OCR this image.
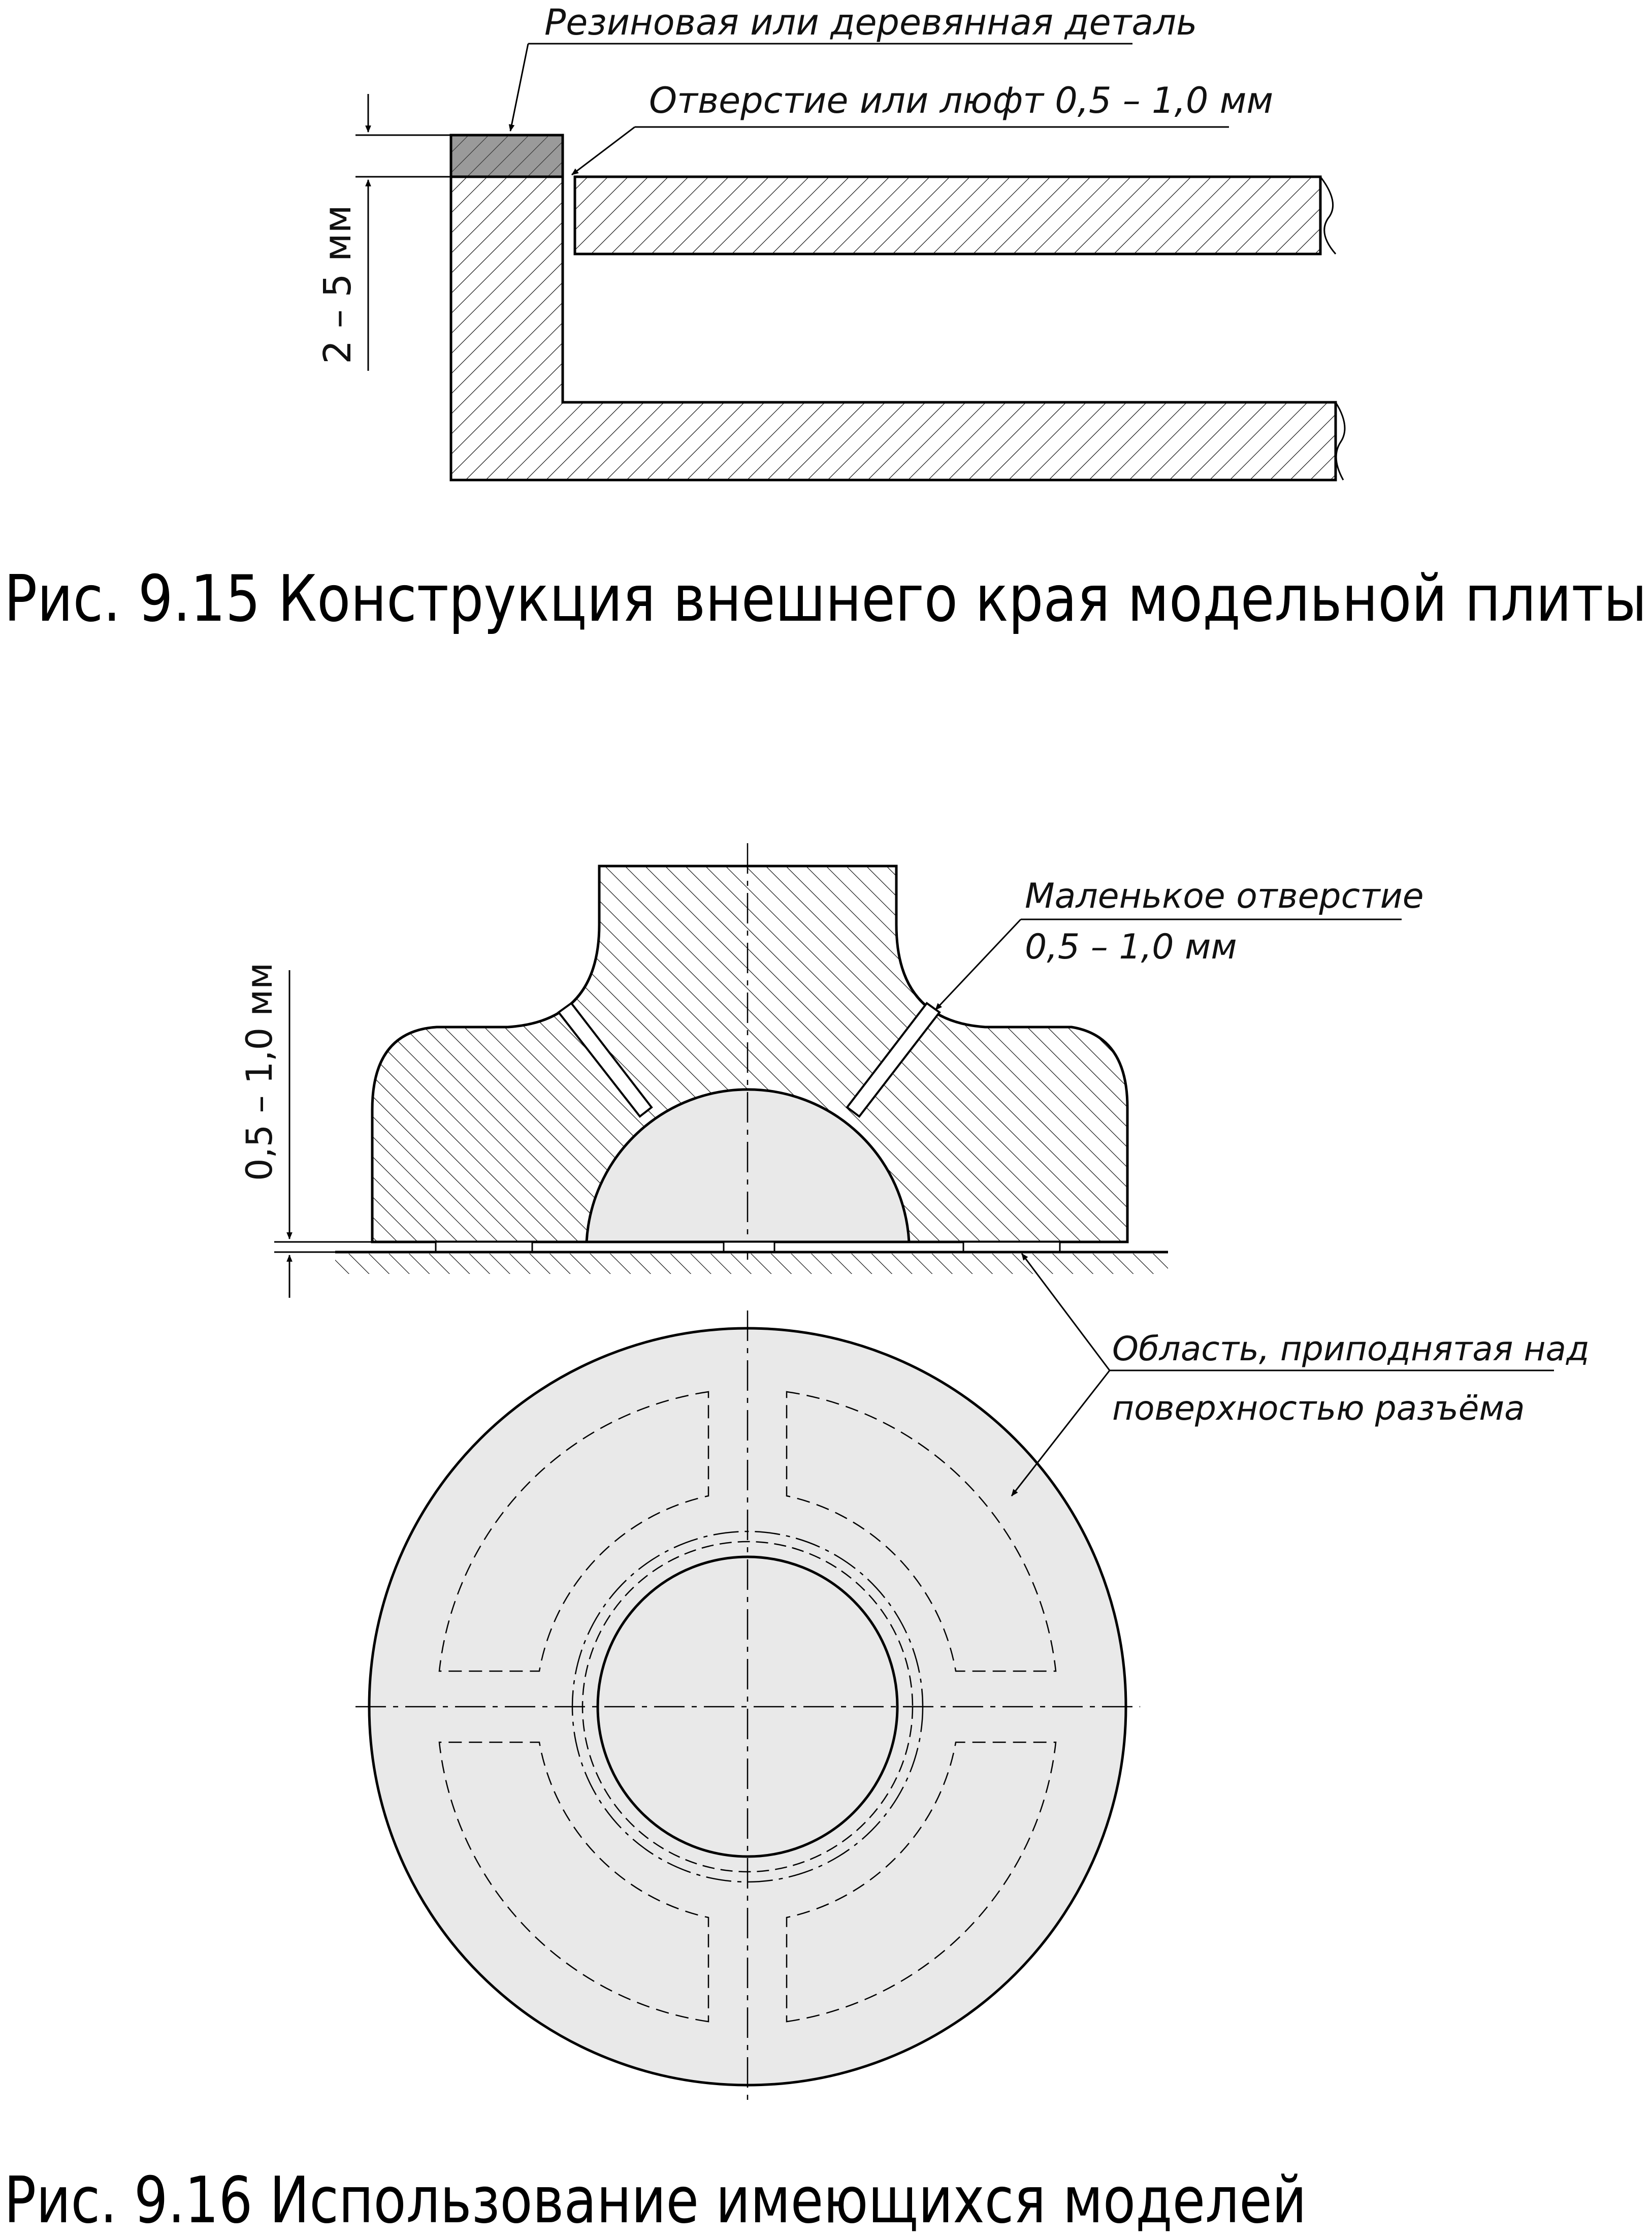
2 – 5 мм
Резиновая или деревянная деталь
Отверстие или люфт 0,5 – 1,0 мм
Рис. 9.15 Конструкция внешнего края модельной плиты
0,5 – 1,0 мм
Маленькое отверстие
0,5 – 1,0 мм
Область, приподнятая над
поверхностью разъёма
Рис. 9.16 Использование имеющихся моделей
